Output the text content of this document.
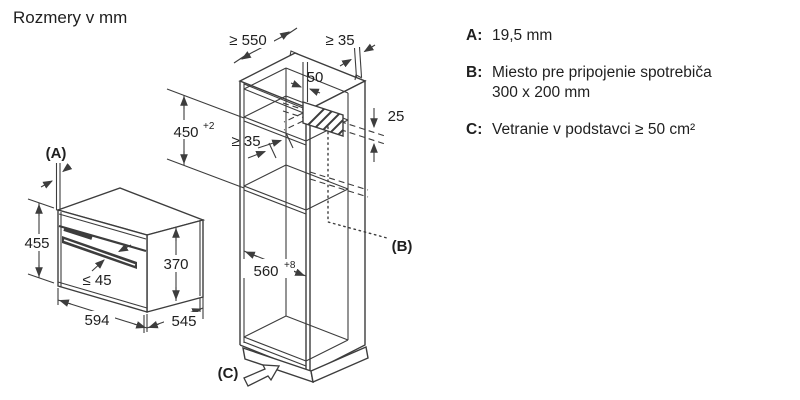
Rozmery v mm
(B)
(C)
≥ 550	≥ 35
50
25
450 +2
≥ 35
560 +8
(A)
455
≤ 45
370
594	545
A: 19,5 mm
B: Miesto pre pripojenie spotrebiča
300 x 200 mm
C: Vetranie v podstavci ≥ 50 cm²
